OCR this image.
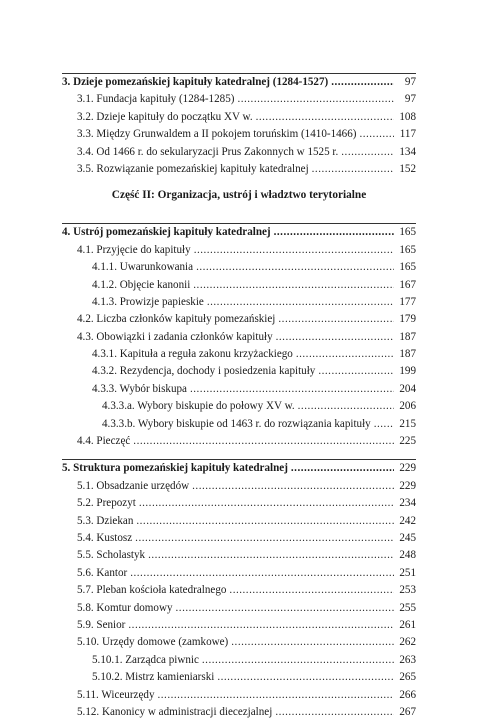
3. Dzieje pomezańskiej kapituły katedralnej (1284-1527) .....	97
3.1. Fundacja kapituły (1284-1285) .....	97
3.2. Dzieje kapituły do początku XV w. .....	108
3.3. Między Grunwaldem a II pokojem toruńskim (1410-1466) .....	117
3.4. Od 1466 r. do sekularyzacji Prus Zakonnych w 1525 r. .....	134
3.5. Rozwiązanie pomezańskiej kapituły katedralnej .....	152
Część II: Organizacja, ustrój i władztwo terytorialne
4. Ustrój pomezańskiej kapituły katedralnej .....	165
4.1. Przyjęcie do kapituły .....	165
4.1.1. Uwarunkowania .....	165
4.1.2. Objęcie kanonii .....	167
4.1.3. Prowizje papieskie .....	177
4.2. Liczba członków kapituły pomezańskiej .....	179
4.3. Obowiązki i zadania członków kapituły .....	187
4.3.1. Kapituła a reguła zakonu krzyżackiego .....	187
4.3.2. Rezydencja, dochody i posiedzenia kapituły .....	199
4.3.3. Wybór biskupa .....	204
4.3.3.a. Wybory biskupie do połowy XV w. .....	206
4.3.3.b. Wybory biskupie od 1463 r. do rozwiązania kapituły .....	215
4.4. Pieczęć .....	225
5. Struktura pomezańskiej kapituły katedralnej .....	229
5.1. Obsadzanie urzędów .....	229
5.2. Prepozyt .....	234
5.3. Dziekan .....	242
5.4. Kustosz .....	245
5.5. Scholastyk .....	248
5.6. Kantor .....	251
5.7. Pleban kościoła katedralnego .....	253
5.8. Komtur domowy .....	255
5.9. Senior .....	261
5.10. Urzędy domowe (zamkowe) .....	262
5.10.1. Zarządca piwnic .....	263
5.10.2. Mistrz kamieniarski .....	265
5.11. Wiceurzędy .....	266
5.12. Kanonicy w administracji diecezjalnej .....	267
